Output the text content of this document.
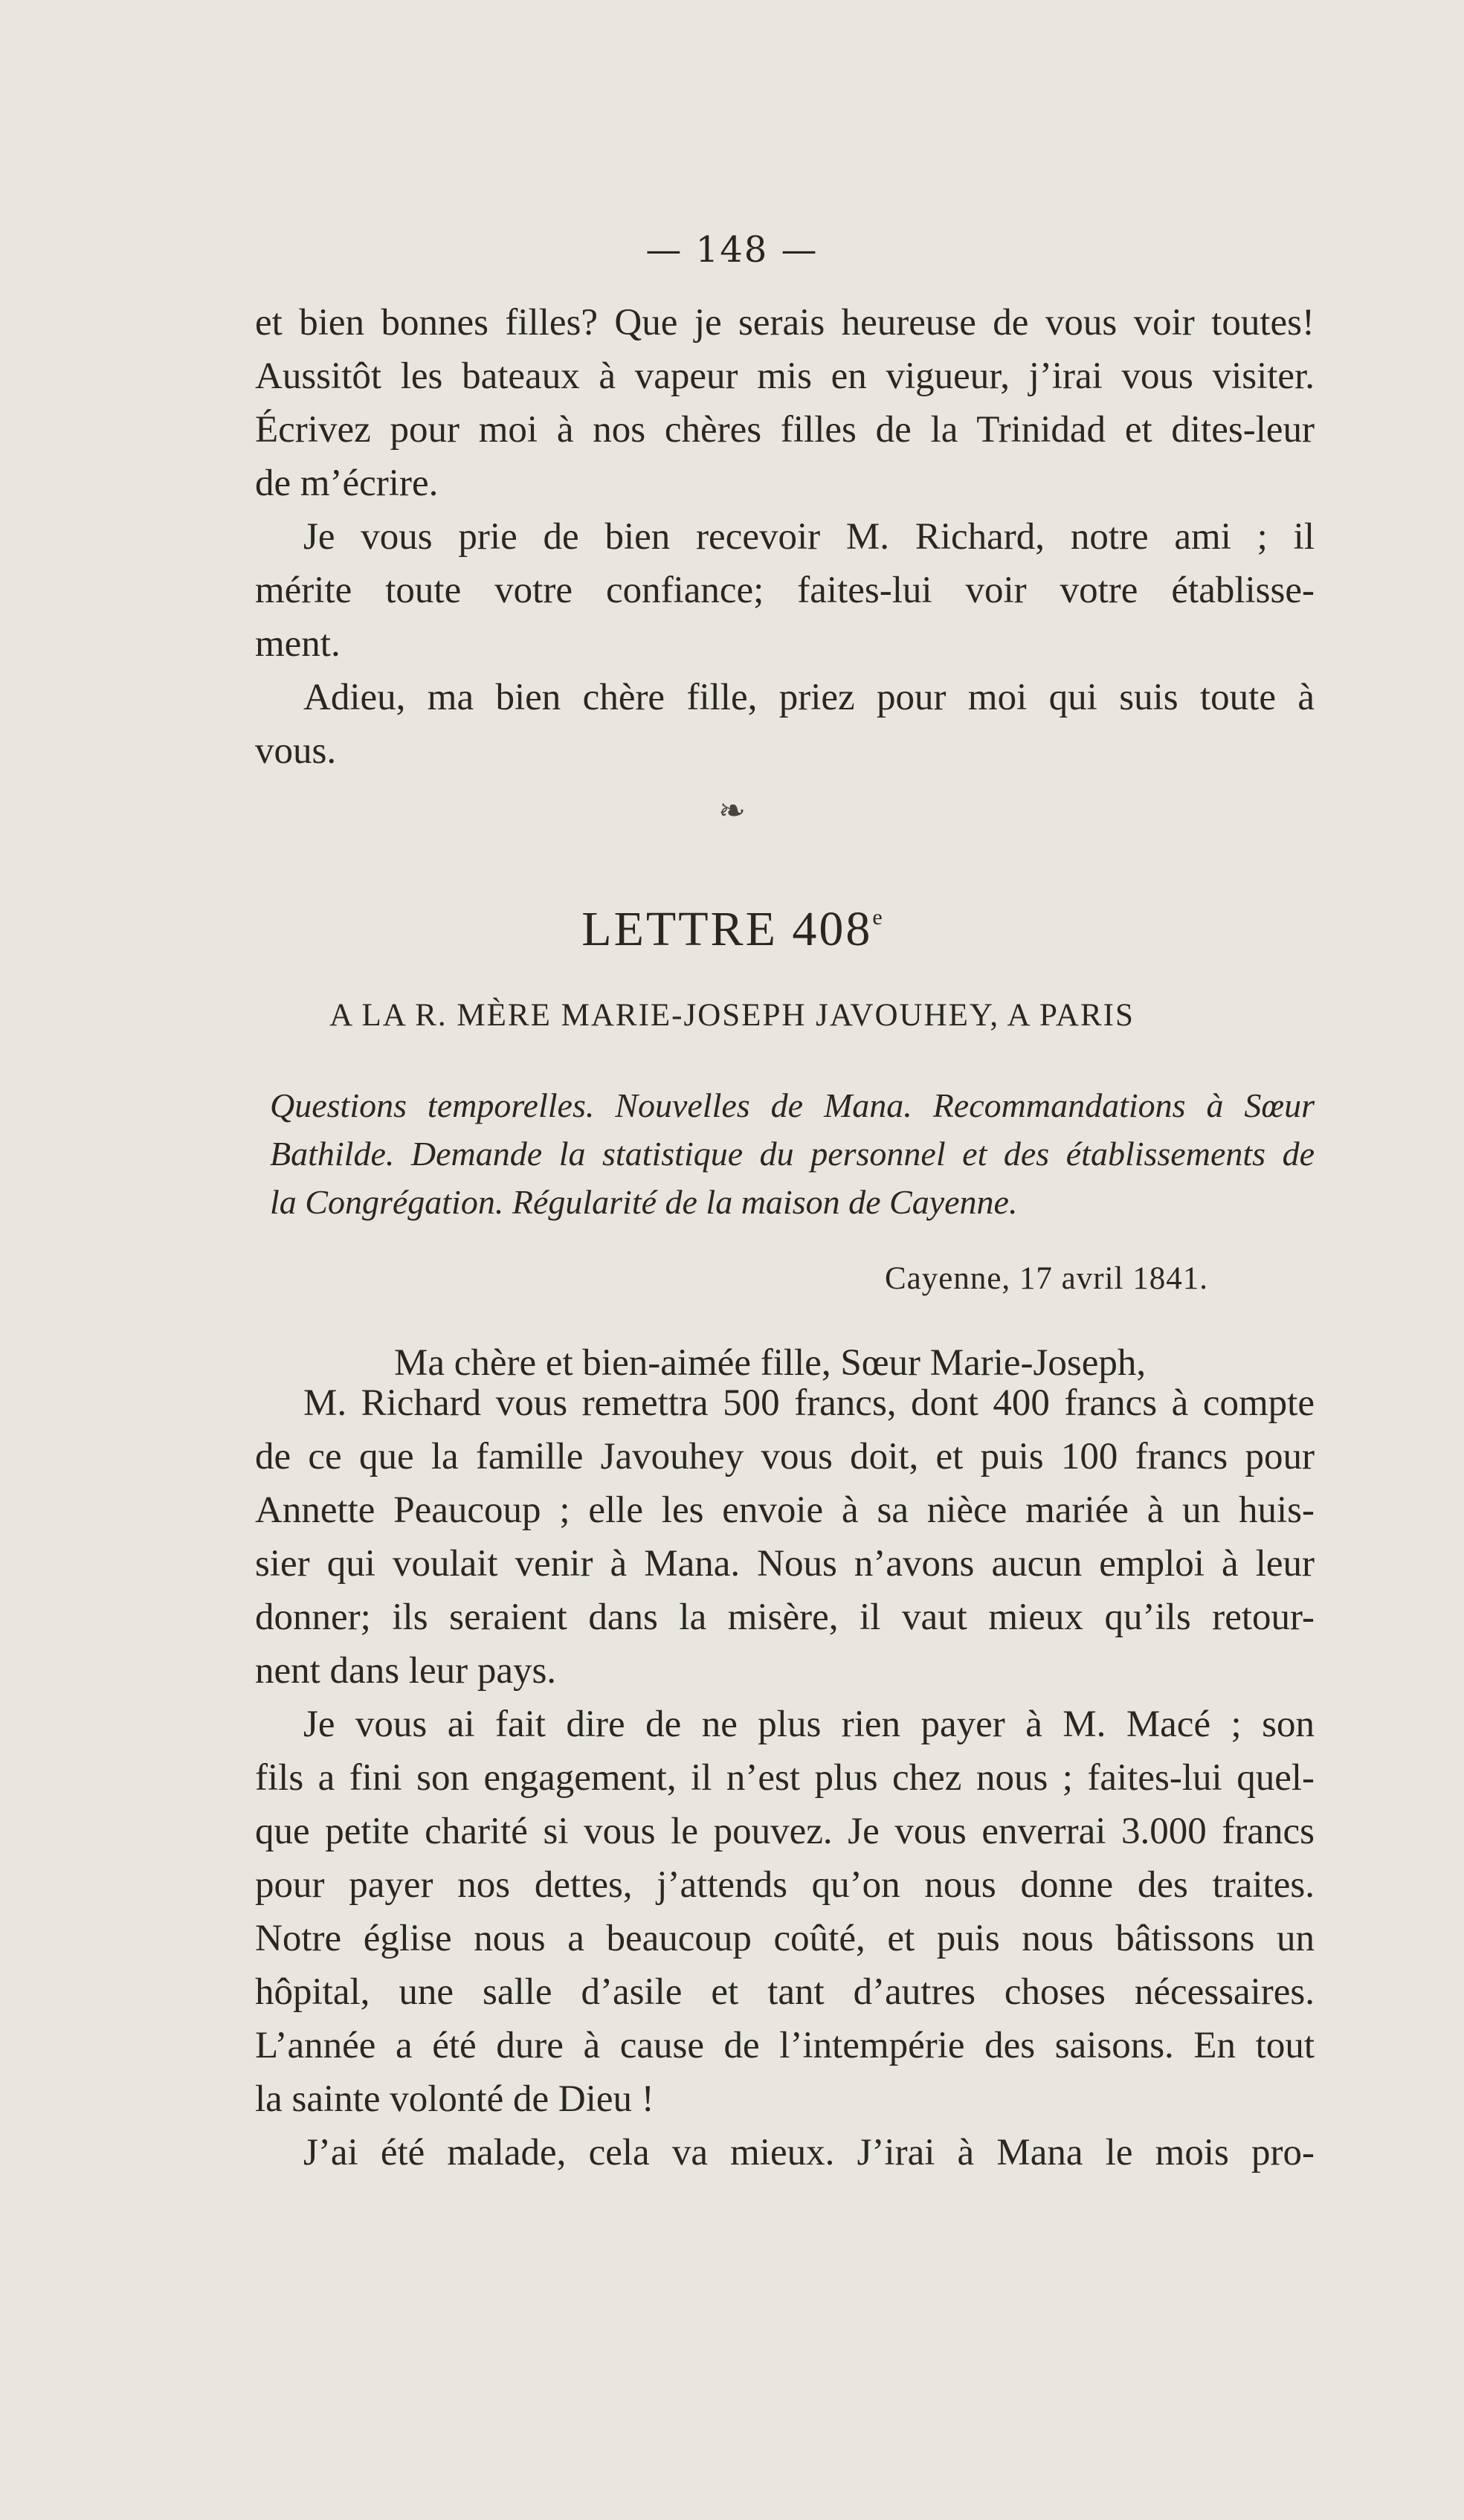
— 148 —

et bien bonnes filles? Que je serais heureuse de vous voir toutes!
Aussitôt les bateaux à vapeur mis en vigueur, j’irai vous visiter.
Écrivez pour moi à nos chères filles de la Trinidad et dites-leur
de m’écrire.

Je vous prie de bien recevoir M. Richard, notre ami ; il
mérite toute votre confiance; faites-lui voir votre établisse-
ment.

Adieu, ma bien chère fille, priez pour moi qui suis toute à
vous.

❧
LETTRE 408e
A LA R. MÈRE MARIE-JOSEPH JAVOUHEY, A PARIS
Questions temporelles. Nouvelles de Mana. Recommandations à Sœur
Bathilde. Demande la statistique du personnel et des établissements de
la Congrégation. Régularité de la maison de Cayenne.
Cayenne, 17 avril 1841.
Ma chère et bien-aimée fille, Sœur Marie-Joseph,

M. Richard vous remettra 500 francs, dont 400 francs à compte
de ce que la famille Javouhey vous doit, et puis 100 francs pour
Annette Peaucoup ; elle les envoie à sa nièce mariée à un huis-
sier qui voulait venir à Mana. Nous n’avons aucun emploi à leur
donner; ils seraient dans la misère, il vaut mieux qu’ils retour-
nent dans leur pays.

Je vous ai fait dire de ne plus rien payer à M. Macé ; son
fils a fini son engagement, il n’est plus chez nous ; faites-lui quel-
que petite charité si vous le pouvez. Je vous enverrai 3.000 francs
pour payer nos dettes, j’attends qu’on nous donne des traites.
Notre église nous a beaucoup coûté, et puis nous bâtissons un
hôpital, une salle d’asile et tant d’autres choses nécessaires.
L’année a été dure à cause de l’intempérie des saisons. En tout
la sainte volonté de Dieu !

J’ai été malade, cela va mieux. J’irai à Mana le mois pro-
